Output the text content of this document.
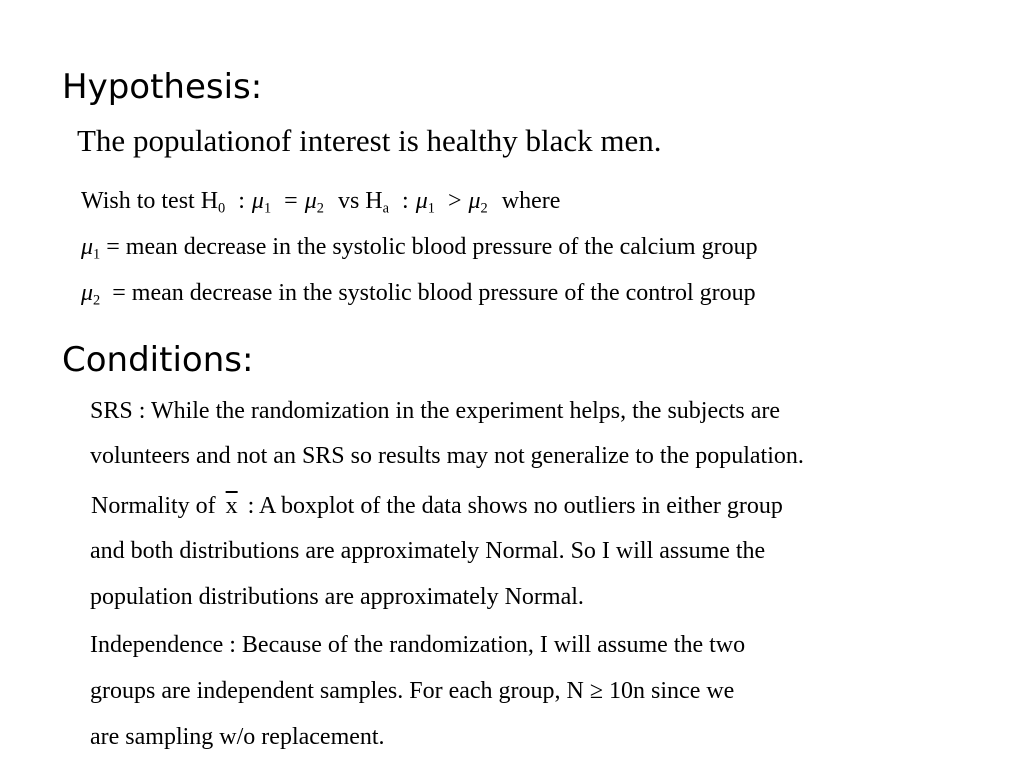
Hypothesis:
The populationof interest is healthy black men.
Wish to test $H_0$ : $\mu_1 = \mu_2$ vs $H_a$ : $\mu_1 > \mu_2$ where
$\mu_1$ = mean decrease in the systolic blood pressure of the calcium group
$\mu_2$ = mean decrease in the systolic blood pressure of the control group
Conditions:
SRS : While the randomization in the experiment helps, the subjects are
volunteers and not an SRS so results may not generalize to the population.
Normality of $\overline{x}$ : A boxplot of the data shows no outliers in either group
and both distributions are approximately Normal. So I will assume the
population distributions are approximately Normal.
Independence : Because of the randomization, I will assume the two
groups are independent samples. For each group, N ≥ 10n since we
are sampling w/o replacement.
